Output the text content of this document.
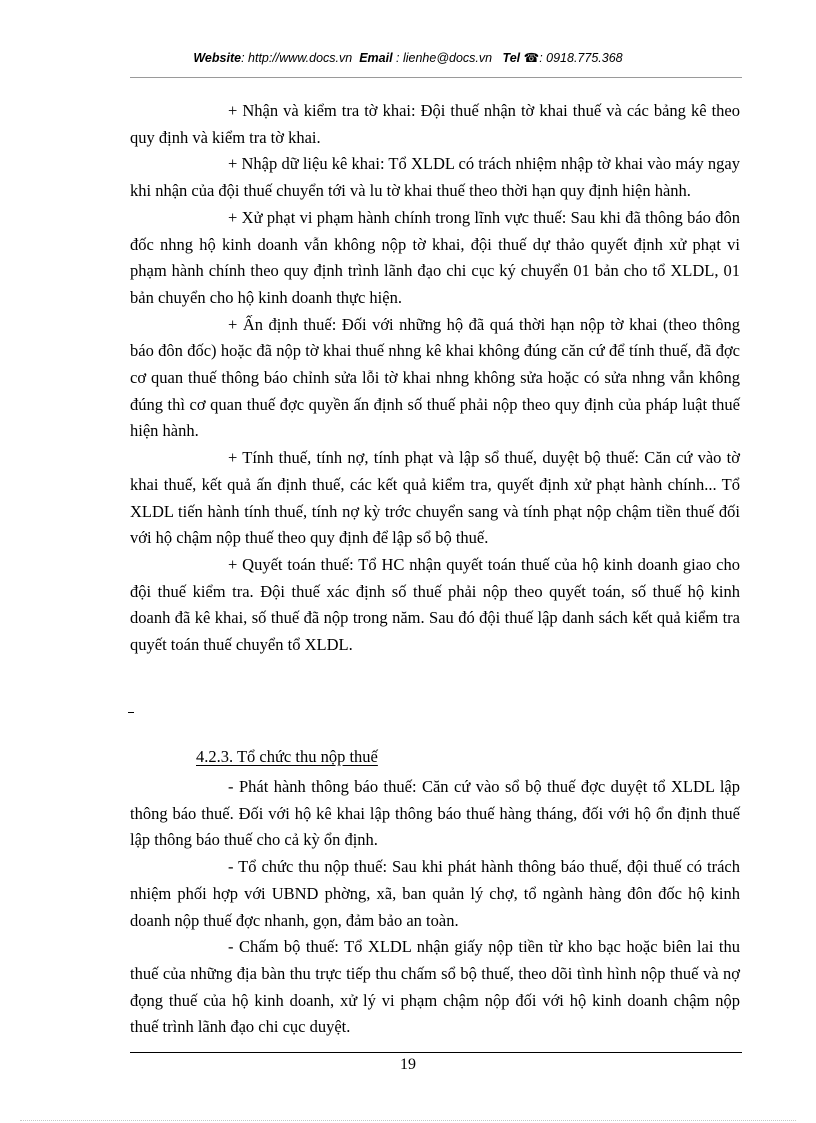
Website: http://www.docs.vn Email : lienhe@docs.vn Tel ☎: 0918.775.368

+ Nhận và kiểm tra tờ khai: Đội thuế nhận tờ khai thuế và các bảng kê theo quy định và kiểm tra tờ khai.

+ Nhập dữ liệu kê khai: Tổ XLDL có trách nhiệm nhập tờ khai vào máy ngay khi nhận của đội thuế chuyển tới và lu tờ khai thuế theo thời hạn quy định hiện hành.

+ Xử phạt vi phạm hành chính trong lĩnh vực thuế: Sau khi đã thông báo đôn đốc nhng hộ kinh doanh vẫn không nộp tờ khai, đội thuế dự thảo quyết định xử phạt vi phạm hành chính theo quy định trình lãnh đạo chi cục ký chuyển 01 bản cho tổ XLDL, 01 bản chuyển cho hộ kinh doanh thực hiện.

+ Ấn định thuế: Đối với những hộ đã quá thời hạn nộp tờ khai (theo thông báo đôn đốc) hoặc đã nộp tờ khai thuế nhng kê khai không đúng căn cứ để tính thuế, đã đợc cơ quan thuế thông báo chỉnh sửa lỗi tờ khai nhng không sửa hoặc có sửa nhng vẫn không đúng thì cơ quan thuế đợc quyền ấn định số thuế phải nộp theo quy định của pháp luật thuế hiện hành.

+ Tính thuế, tính nợ, tính phạt và lập sổ thuế, duyệt bộ thuế: Căn cứ vào tờ khai thuế, kết quả ấn định thuế, các kết quả kiểm tra, quyết định xử phạt hành chính... Tổ XLDL tiến hành tính thuế, tính nợ kỳ trớc chuyển sang và tính phạt nộp chậm tiền thuế đối với hộ chậm nộp thuế theo quy định để lập sổ bộ thuế.

+ Quyết toán thuế: Tổ HC nhận quyết toán thuế của hộ kinh doanh giao cho đội thuế kiểm tra. Đội thuế xác định số thuế phải nộp theo quyết toán, số thuế hộ kinh doanh đã kê khai, số thuế đã nộp trong năm. Sau đó đội thuế lập danh sách kết quả kiểm tra quyết toán thuế chuyển tổ XLDL.

4.2.3. Tổ chức thu nộp thuế

- Phát hành thông báo thuế: Căn cứ vào sổ bộ thuế đợc duyệt tổ XLDL lập thông báo thuế. Đối với hộ kê khai lập thông báo thuế hàng tháng, đối với hộ ổn định thuế lập thông báo thuế cho cả kỳ ổn định.

- Tổ chức thu nộp thuế: Sau khi phát hành thông báo thuế, đội thuế có trách nhiệm phối hợp với UBND phờng, xã, ban quản lý chợ, tổ ngành hàng đôn đốc hộ kinh doanh nộp thuế đợc nhanh, gọn, đảm bảo an toàn.

- Chấm bộ thuế: Tổ XLDL nhận giấy nộp tiền từ kho bạc hoặc biên lai thu thuế của những địa bàn thu trực tiếp thu chấm sổ bộ thuế, theo dõi tình hình nộp thuế và nợ đọng thuế của hộ kinh doanh, xử lý vi phạm chậm nộp đối với hộ kinh doanh chậm nộp thuế trình lãnh đạo chi cục duyệt.

19
